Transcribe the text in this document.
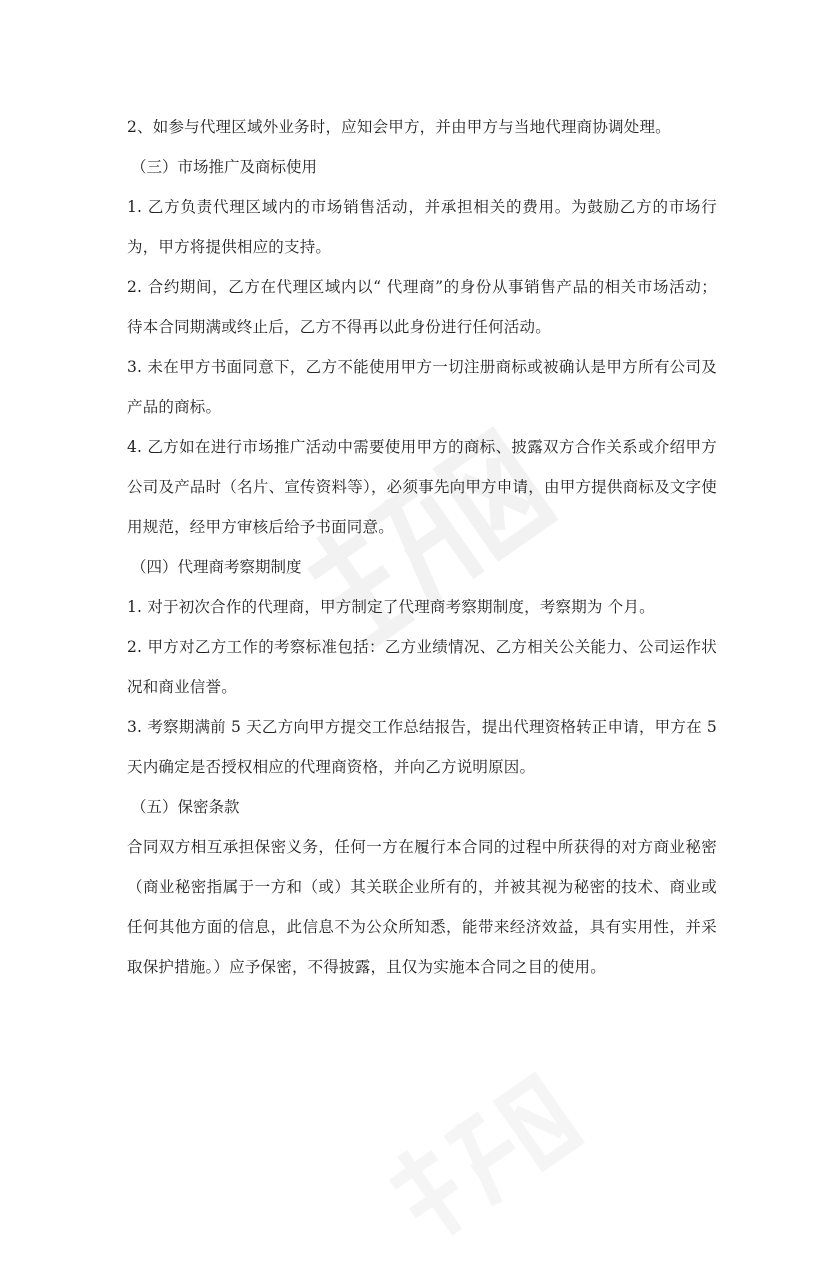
2、如参与代理区域外业务时，应知会甲方，并由甲方与当地代理商协调处理。

（三）市场推广及商标使用

1. 乙方负责代理区域内的市场销售活动，并承担相关的费用。为鼓励乙方的市场行为，甲方将提供相应的支持。

2. 合约期间，乙方在代理区域内以“ 代理商”的身份从事销售产品的相关市场活动；待本合同期满或终止后，乙方不得再以此身份进行任何活动。

3. 未在甲方书面同意下，乙方不能使用甲方一切注册商标或被确认是甲方所有公司及产品的商标。

4. 乙方如在进行市场推广活动中需要使用甲方的商标、披露双方合作关系或介绍甲方公司及产品时（名片、宣传资料等），必须事先向甲方申请，由甲方提供商标及文字使用规范，经甲方审核后给予书面同意。

（四）代理商考察期制度

1. 对于初次合作的代理商，甲方制定了代理商考察期制度，考察期为 个月。

2. 甲方对乙方工作的考察标准包括：乙方业绩情况、乙方相关公关能力、公司运作状况和商业信誉。

3. 考察期满前 5 天乙方向甲方提交工作总结报告，提出代理资格转正申请，甲方在 5 天内确定是否授权相应的代理商资格，并向乙方说明原因。

（五）保密条款

合同双方相互承担保密义务，任何一方在履行本合同的过程中所获得的对方商业秘密（商业秘密指属于一方和（或）其关联企业所有的，并被其视为秘密的技术、商业或任何其他方面的信息，此信息不为公众所知悉，能带来经济效益，具有实用性，并采取保护措施。）应予保密，不得披露，且仅为实施本合同之目的使用。
